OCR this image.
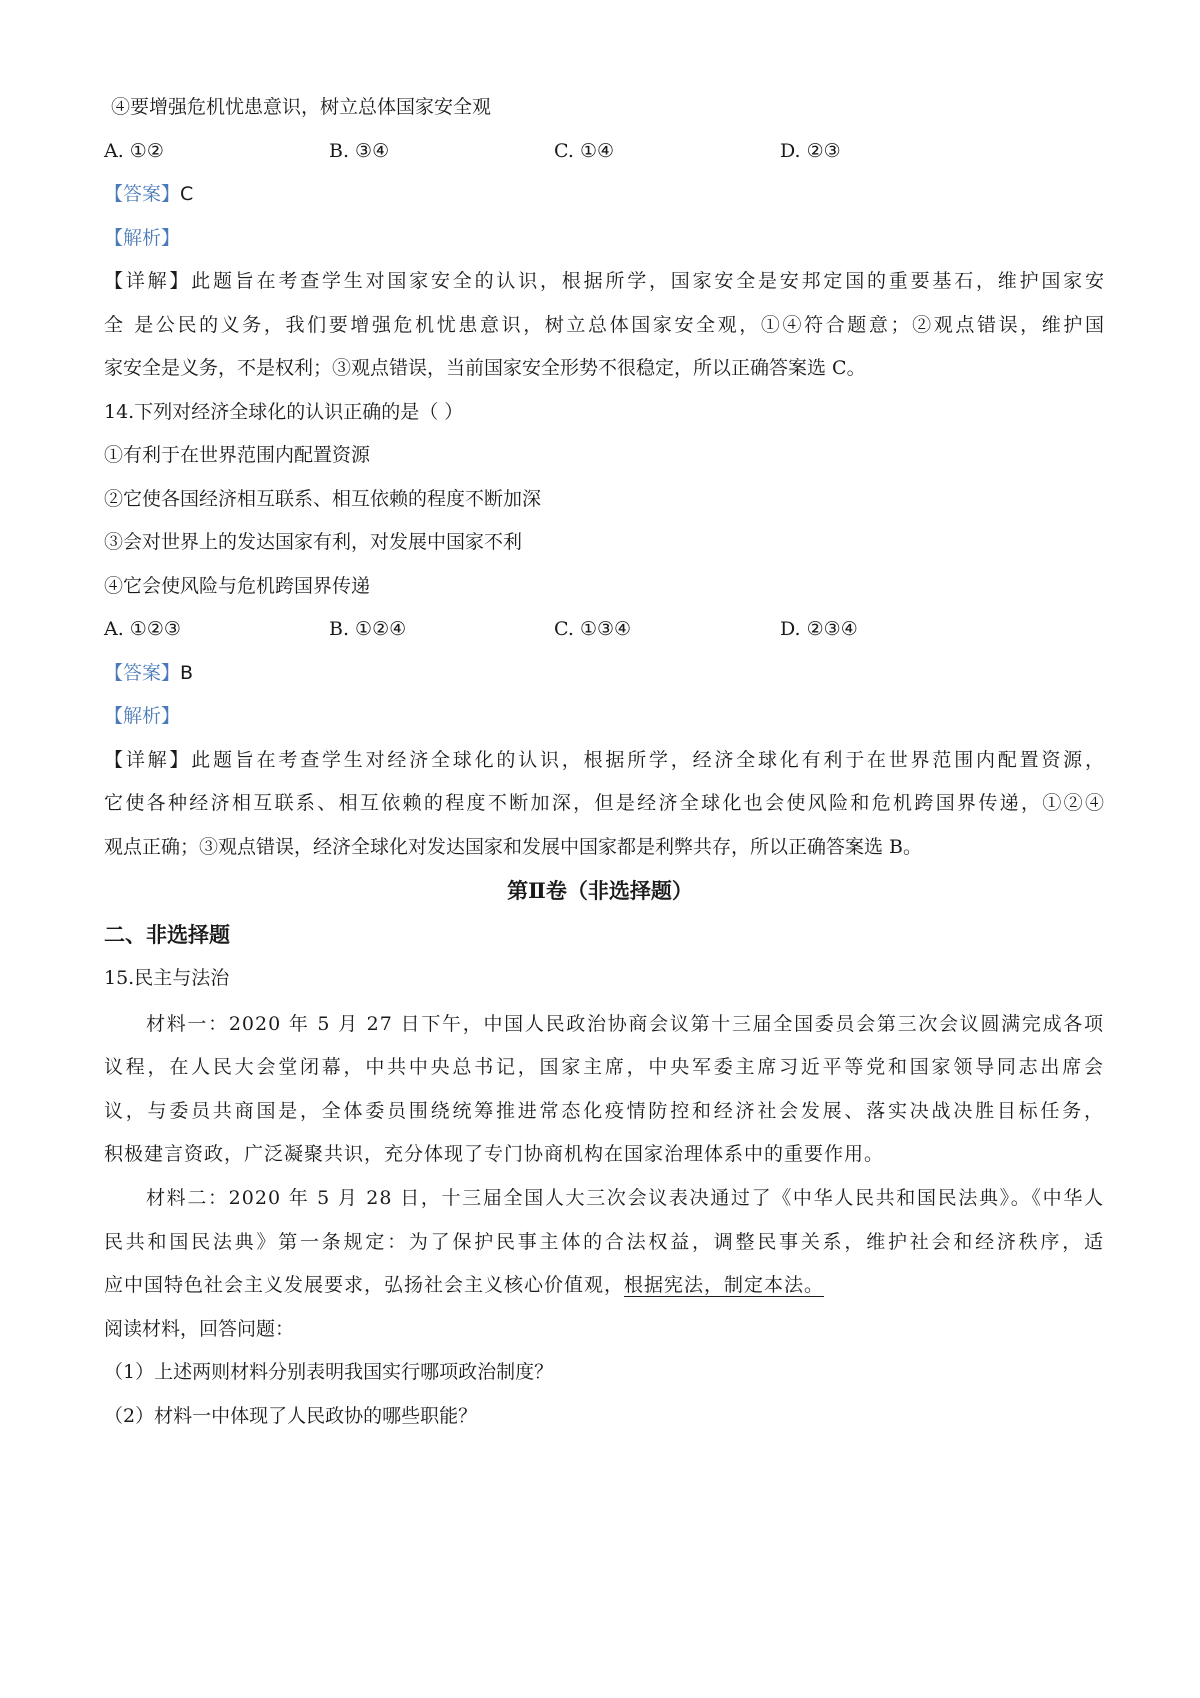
④要增强危机忧患意识，树立总体国家安全观
A. ①②	B. ③④	C. ①④	D. ②③
【答案】C
【解析】
【详解】此题旨在考查学生对国家安全的认识，根据所学，国家安全是安邦定国的重要基石，维护国家安
全 是公民的义务，我们要增强危机忧患意识，树立总体国家安全观，①④符合题意；②观点错误，维护国
家安全是义务，不是权利；③观点错误，当前国家安全形势不很稳定，所以正确答案选 C。
14.下列对经济全球化的认识正确的是（ ）
①有利于在世界范围内配置资源
②它使各国经济相互联系、相互依赖的程度不断加深
③会对世界上的发达国家有利，对发展中国家不利
④它会使风险与危机跨国界传递
A. ①②③	B. ①②④	C. ①③④	D. ②③④
【答案】B
【解析】
【详解】此题旨在考查学生对经济全球化的认识，根据所学，经济全球化有利于在世界范围内配置资源，
它使各种经济相互联系、相互依赖的程度不断加深，但是经济全球化也会使风险和危机跨国界传递，①②④
观点正确；③观点错误，经济全球化对发达国家和发展中国家都是利弊共存，所以正确答案选 B。
第Ⅱ卷（非选择题）
二、非选择题
15.民主与法治
材料一：2020 年 5 月 27 日下午，中国人民政治协商会议第十三届全国委员会第三次会议圆满完成各项
议程，在人民大会堂闭幕，中共中央总书记，国家主席，中央军委主席习近平等党和国家领导同志出席会
议，与委员共商国是，全体委员围绕统筹推进常态化疫情防控和经济社会发展、落实决战决胜目标任务，
积极建言资政，广泛凝聚共识，充分体现了专门协商机构在国家治理体系中的重要作用。
材料二：2020 年 5 月 28 日，十三届全国人大三次会议表决通过了《中华人民共和国民法典》。《中华人
民共和国民法典》第一条规定：为了保护民事主体的合法权益，调整民事关系，维护社会和经济秩序，适
应中国特色社会主义发展要求，弘扬社会主义核心价值观，根据宪法，制定本法。
阅读材料，回答问题：
（1）上述两则材料分别表明我国实行哪项政治制度？
（2）材料一中体现了人民政协的哪些职能？
